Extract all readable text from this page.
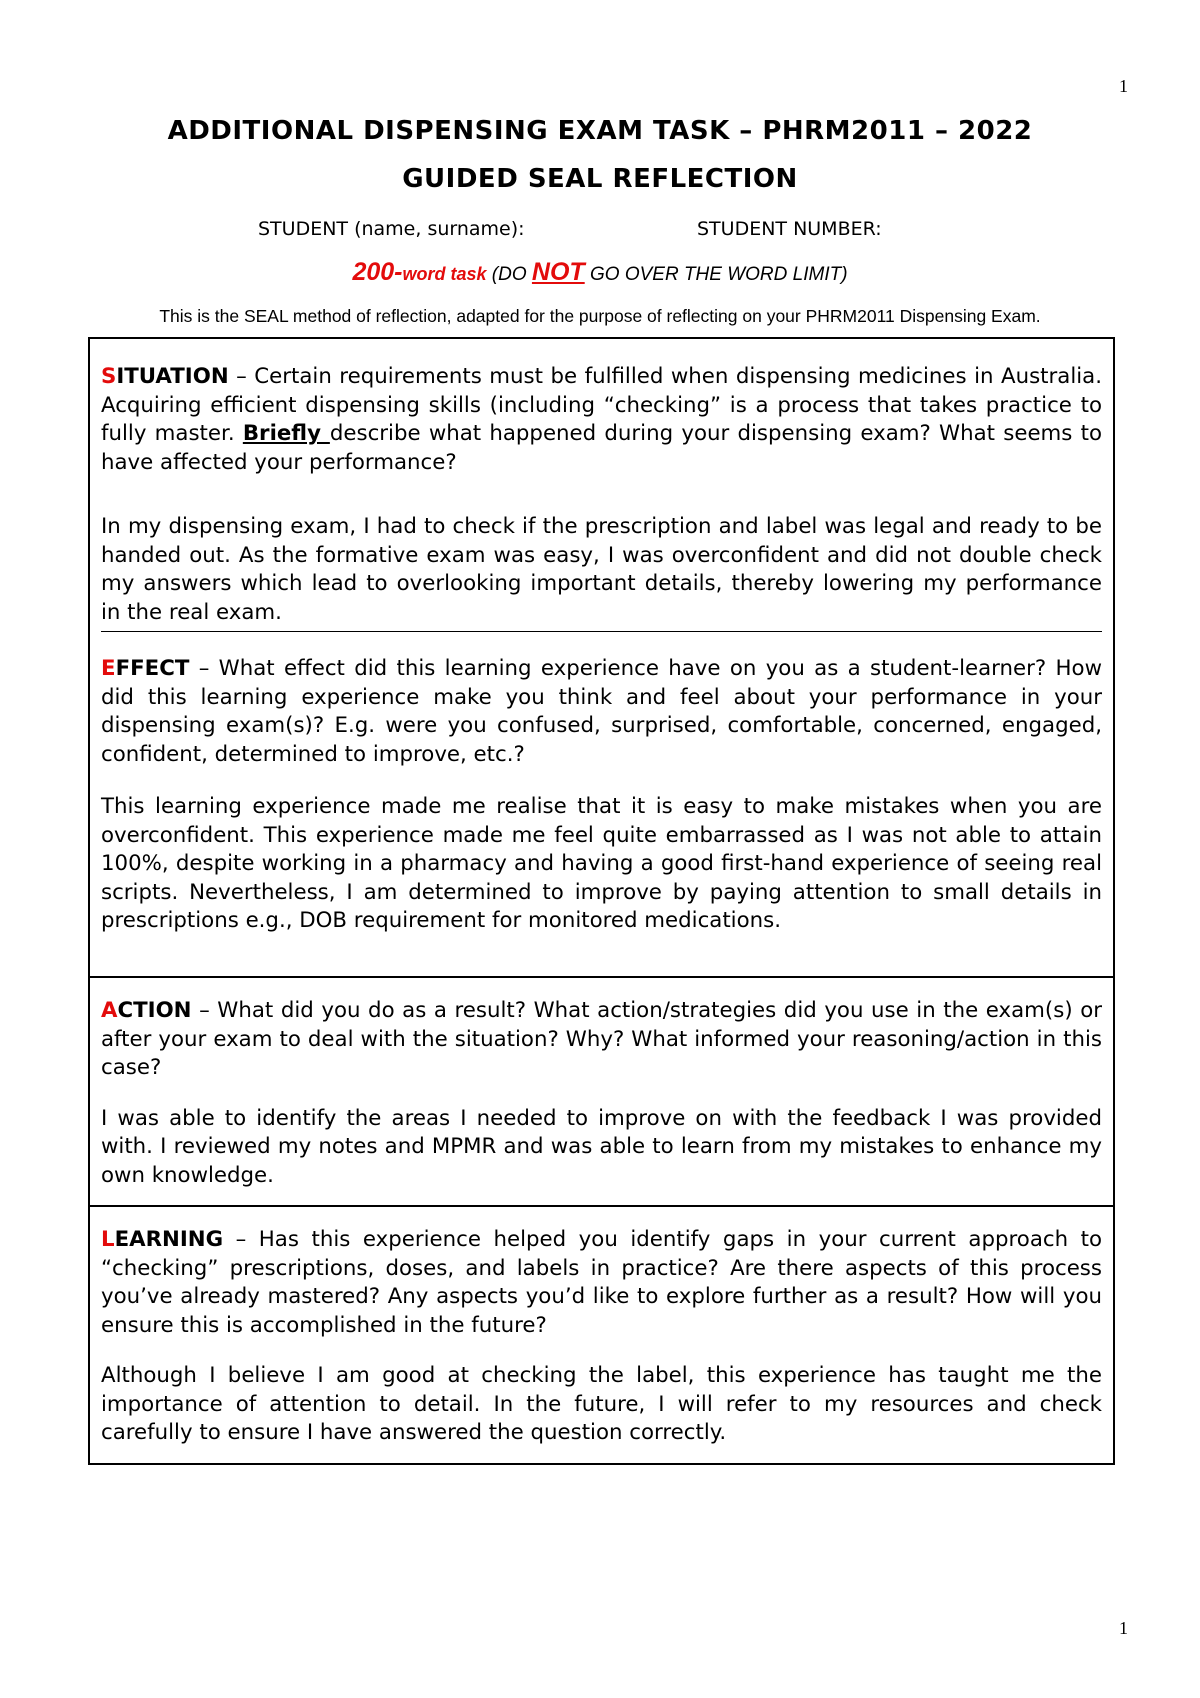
1
ADDITIONAL DISPENSING EXAM TASK – PHRM2011 – 2022
GUIDED SEAL REFLECTION
STUDENT (name, surname):	STUDENT NUMBER:
200-word task (DO NOT GO OVER THE WORD LIMIT)
This is the SEAL method of reflection, adapted for the purpose of reflecting on your PHRM2011 Dispensing Exam.

SITUATION – Certain requirements must be fulfilled when dispensing medicines in Australia. Acquiring efficient dispensing skills (including “checking” is a process that takes practice to fully master. Briefly describe what happened during your dispensing exam? What seems to have affected your performance?

In my dispensing exam, I had to check if the prescription and label was legal and ready to be handed out. As the formative exam was easy, I was overconfident and did not double check my answers which lead to overlooking important details, thereby lowering my performance in the real exam.

EFFECT – What effect did this learning experience have on you as a student-learner? How did this learning experience make you think and feel about your performance in your dispensing exam(s)? E.g. were you confused, surprised, comfortable, concerned, engaged, confident, determined to improve, etc.?

This learning experience made me realise that it is easy to make mistakes when you are overconfident. This experience made me feel quite embarrassed as I was not able to attain 100%, despite working in a pharmacy and having a good first-hand experience of seeing real scripts. Nevertheless, I am determined to improve by paying attention to small details in prescriptions e.g., DOB requirement for monitored medications.

ACTION – What did you do as a result? What action/strategies did you use in the exam(s) or after your exam to deal with the situation? Why? What informed your reasoning/action in this case?

I was able to identify the areas I needed to improve on with the feedback I was provided with. I reviewed my notes and MPMR and was able to learn from my mistakes to enhance my own knowledge.

LEARNING – Has this experience helped you identify gaps in your current approach to “checking” prescriptions, doses, and labels in practice? Are there aspects of this process you’ve already mastered? Any aspects you’d like to explore further as a result? How will you ensure this is accomplished in the future?

Although I believe I am good at checking the label, this experience has taught me the importance of attention to detail. In the future, I will refer to my resources and check carefully to ensure I have answered the question correctly.

1
